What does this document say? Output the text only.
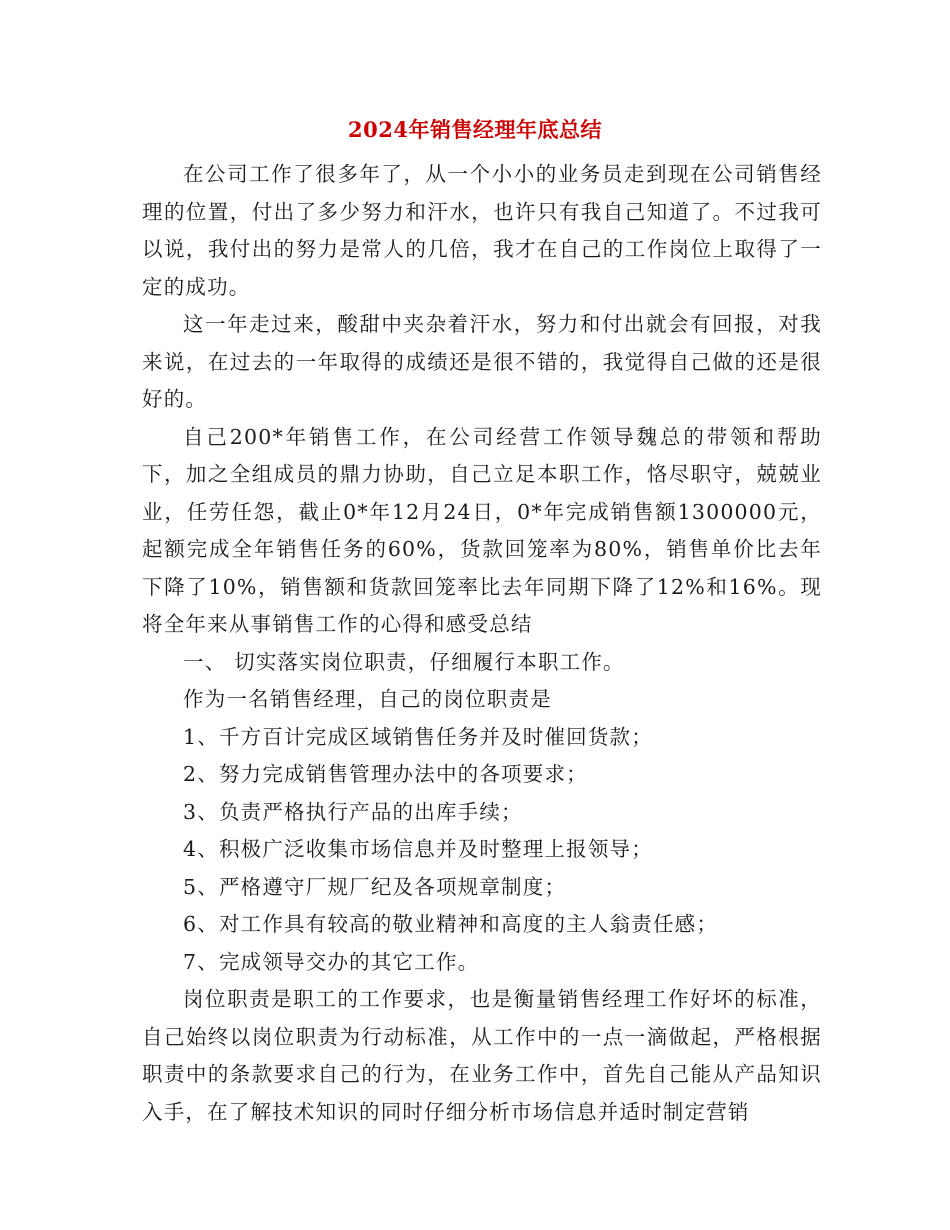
2024年销售经理年底总结

在公司工作了很多年了，从一个小小的业务员走到现在公司销售经理的位置，付出了多少努力和汗水，也许只有我自己知道了。不过我可以说，我付出的努力是常人的几倍，我才在自己的工作岗位上取得了一定的成功。

这一年走过来，酸甜中夹杂着汗水，努力和付出就会有回报，对我来说，在过去的一年取得的成绩还是很不错的，我觉得自己做的还是很好的。

自己200*年销售工作，在公司经营工作领导魏总的带领和帮助下，加之全组成员的鼎力协助，自己立足本职工作，恪尽职守，兢兢业业，任劳任怨，截止0*年12月24日，0*年完成销售额1300000元，起额完成全年销售任务的60%，货款回笼率为80%，销售单价比去年下降了10%，销售额和货款回笼率比去年同期下降了12%和16%。现将全年来从事销售工作的心得和感受总结

一、 切实落实岗位职责，仔细履行本职工作。

作为一名销售经理，自己的岗位职责是

1、千方百计完成区域销售任务并及时催回货款；

2、努力完成销售管理办法中的各项要求；

3、负责严格执行产品的出库手续；

4、积极广泛收集市场信息并及时整理上报领导；

5、严格遵守厂规厂纪及各项规章制度；

6、对工作具有较高的敬业精神和高度的主人翁责任感；

7、完成领导交办的其它工作。

岗位职责是职工的工作要求，也是衡量销售经理工作好坏的标准，自己始终以岗位职责为行动标准，从工作中的一点一滴做起，严格根据职责中的条款要求自己的行为，在业务工作中，首先自己能从产品知识入手，在了解技术知识的同时仔细分析市场信息并适时制定营销
